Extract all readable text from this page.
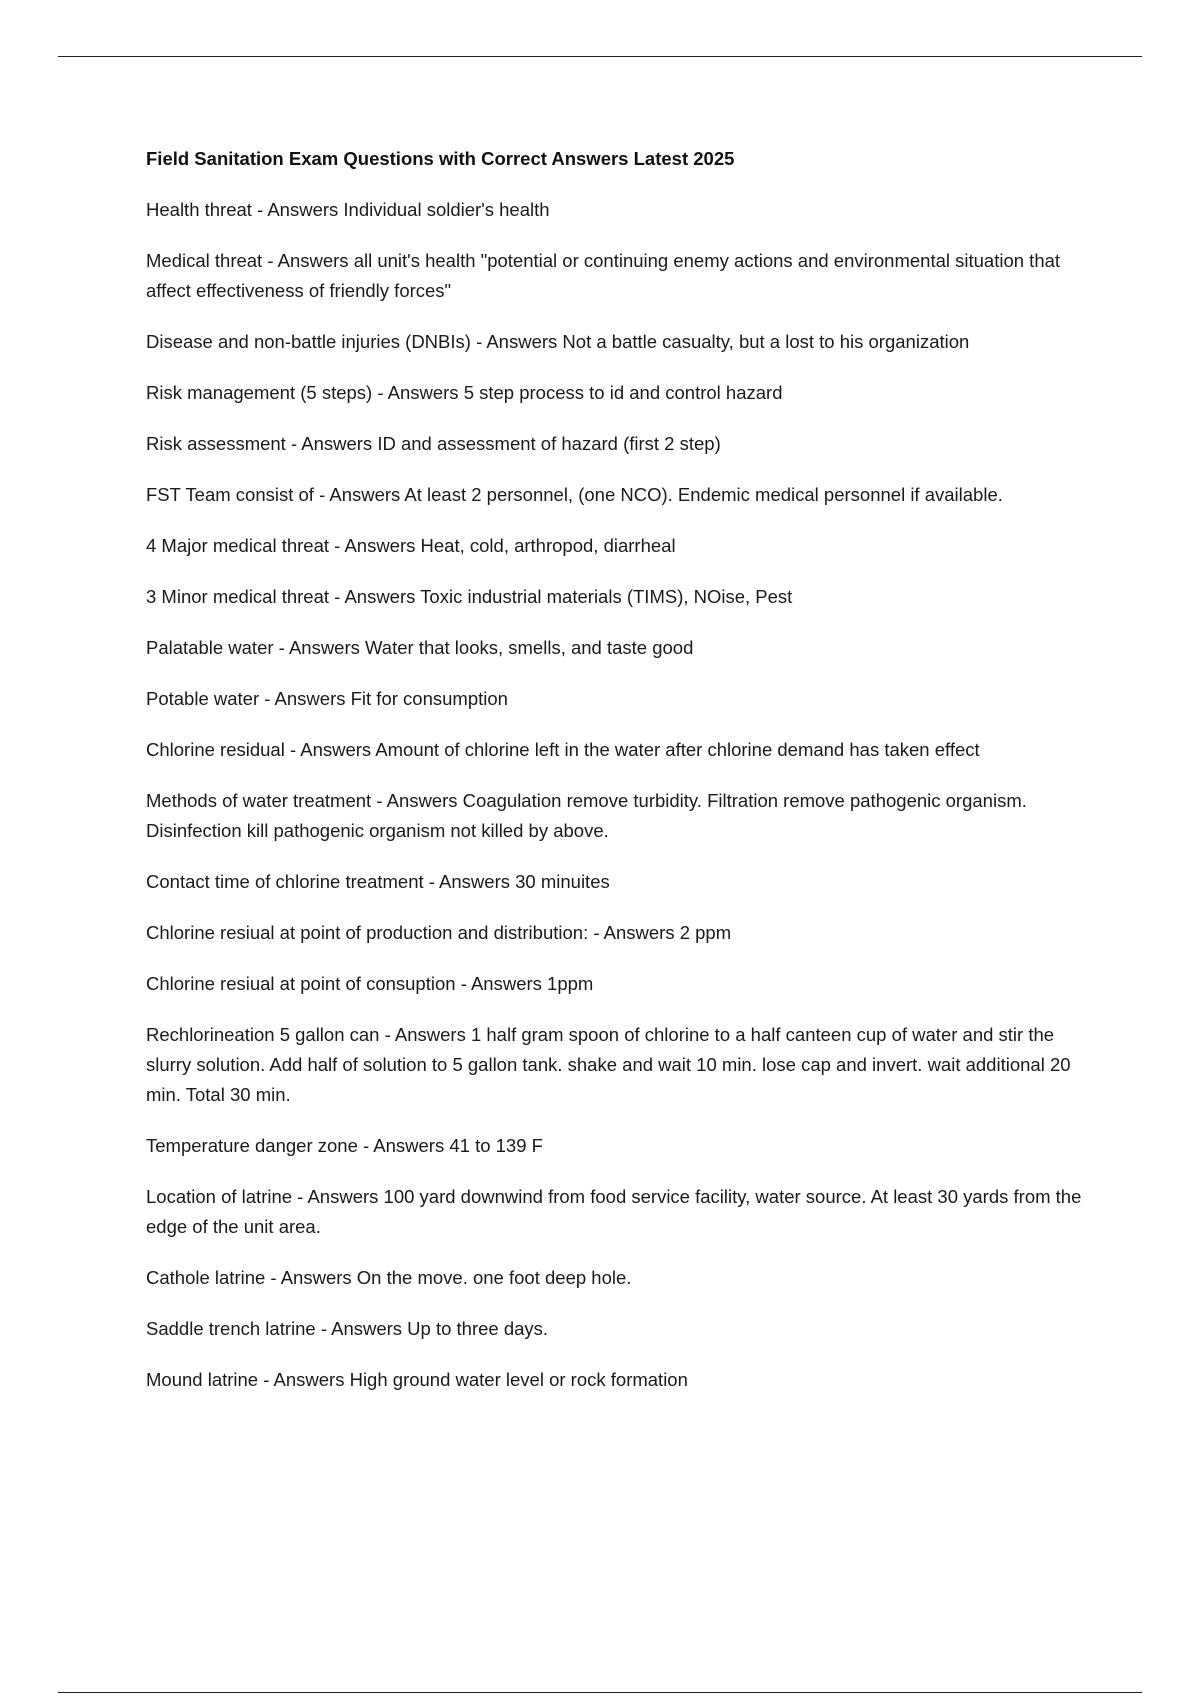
Field Sanitation Exam Questions with Correct Answers Latest 2025
Health threat - Answers Individual soldier's health
Medical threat - Answers all unit's health "potential or continuing enemy actions and environmental situation that affect effectiveness of friendly forces"
Disease and non-battle injuries (DNBIs) - Answers Not a battle casualty, but a lost to his organization
Risk management (5 steps) - Answers 5 step process to id and control hazard
Risk assessment - Answers ID and assessment of hazard (first 2 step)
FST Team consist of - Answers At least 2 personnel, (one NCO). Endemic medical personnel if available.
4 Major medical threat - Answers Heat, cold, arthropod, diarrheal
3 Minor medical threat - Answers Toxic industrial materials (TIMS), NOise, Pest
Palatable water - Answers Water that looks, smells, and taste good
Potable water - Answers Fit for consumption
Chlorine residual - Answers Amount of chlorine left in the water after chlorine demand has taken effect
Methods of water treatment - Answers Coagulation remove turbidity. Filtration remove pathogenic organism. Disinfection kill pathogenic organism not killed by above.
Contact time of chlorine treatment - Answers 30 minuites
Chlorine resiual at point of production and distribution: - Answers 2 ppm
Chlorine resiual at point of consuption - Answers 1ppm
Rechlorineation 5 gallon can - Answers 1 half gram spoon of chlorine to a half canteen cup of water and stir the slurry solution. Add half of solution to 5 gallon tank. shake and wait 10 min. lose cap and invert. wait additional 20 min. Total 30 min.
Temperature danger zone - Answers 41 to 139 F
Location of latrine - Answers 100 yard downwind from food service facility, water source. At least 30 yards from the edge of the unit area.
Cathole latrine - Answers On the move. one foot deep hole.
Saddle trench latrine - Answers Up to three days.
Mound latrine - Answers High ground water level or rock formation
